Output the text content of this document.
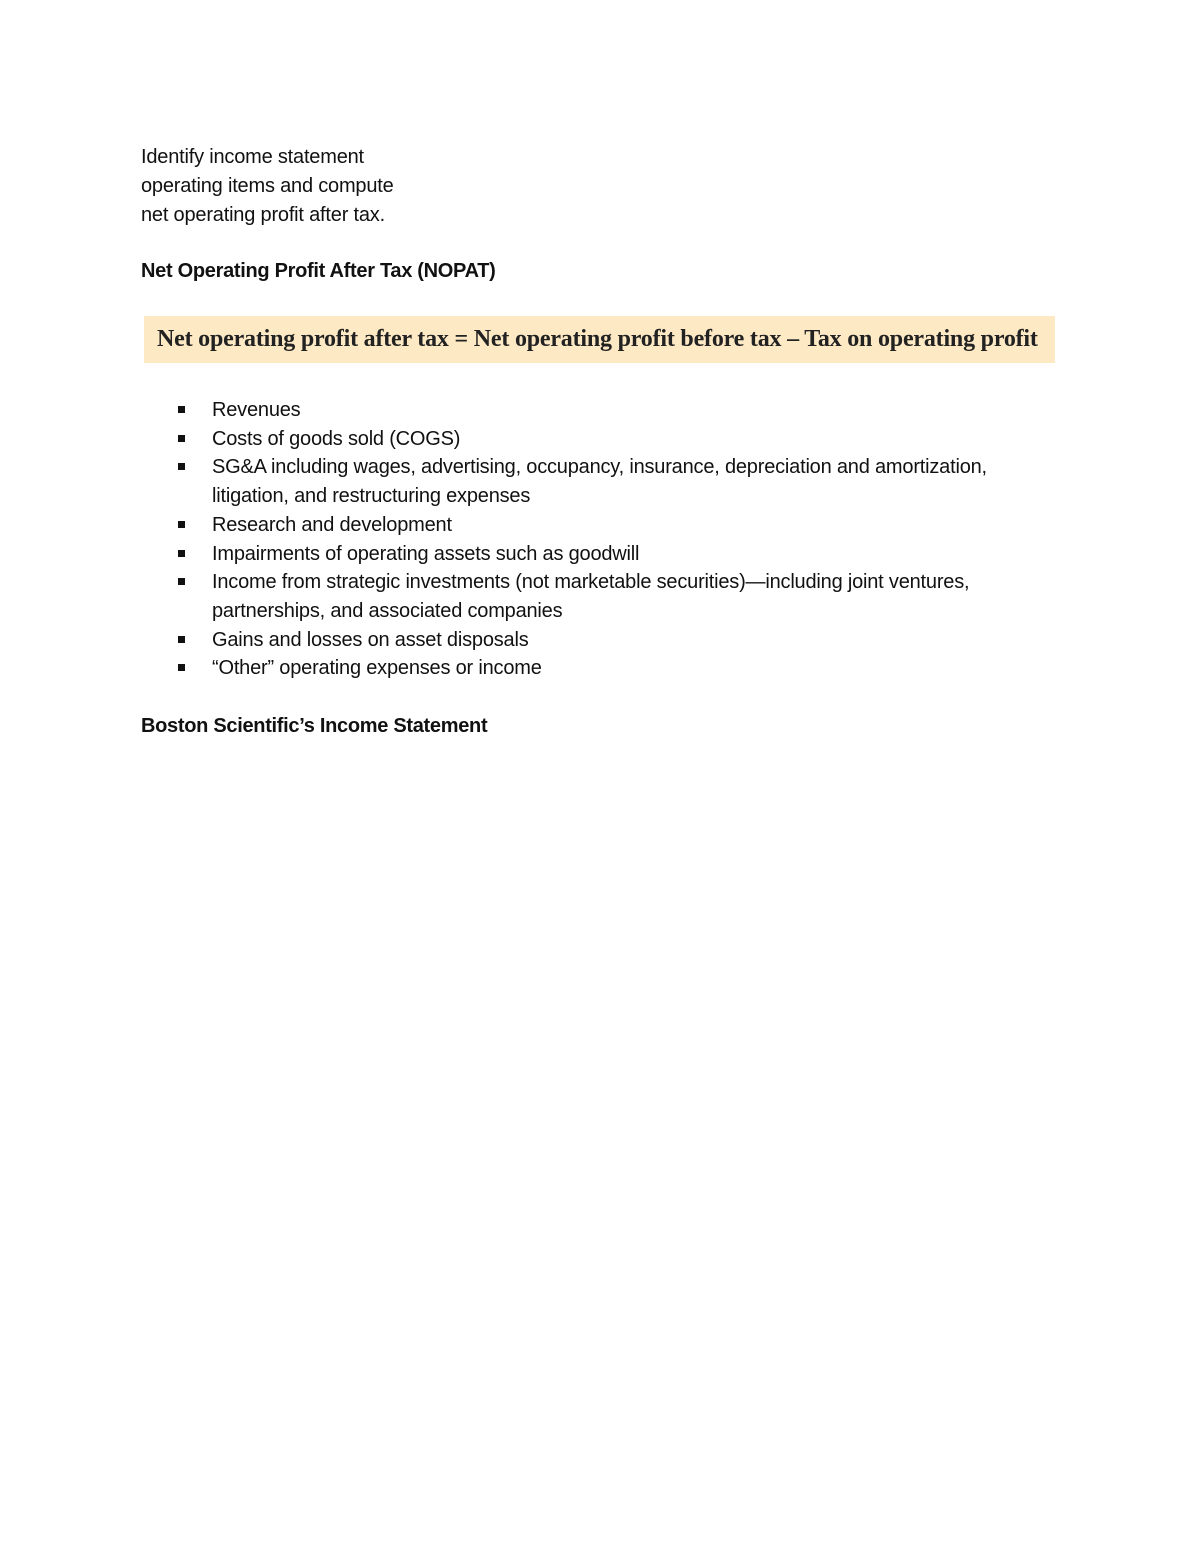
Identify income statement
operating items and compute
net operating profit after tax.
Net Operating Profit After Tax (NOPAT)
Net operating profit after tax = Net operating profit before tax – Tax on operating profit
Revenues
Costs of goods sold (COGS)
SG&A including wages, advertising, occupancy, insurance, depreciation and amortization, litigation, and restructuring expenses
Research and development
Impairments of operating assets such as goodwill
Income from strategic investments (not marketable securities)—including joint ventures, partnerships, and associated companies
Gains and losses on asset disposals
“Other” operating expenses or income
Boston Scientific’s Income Statement
